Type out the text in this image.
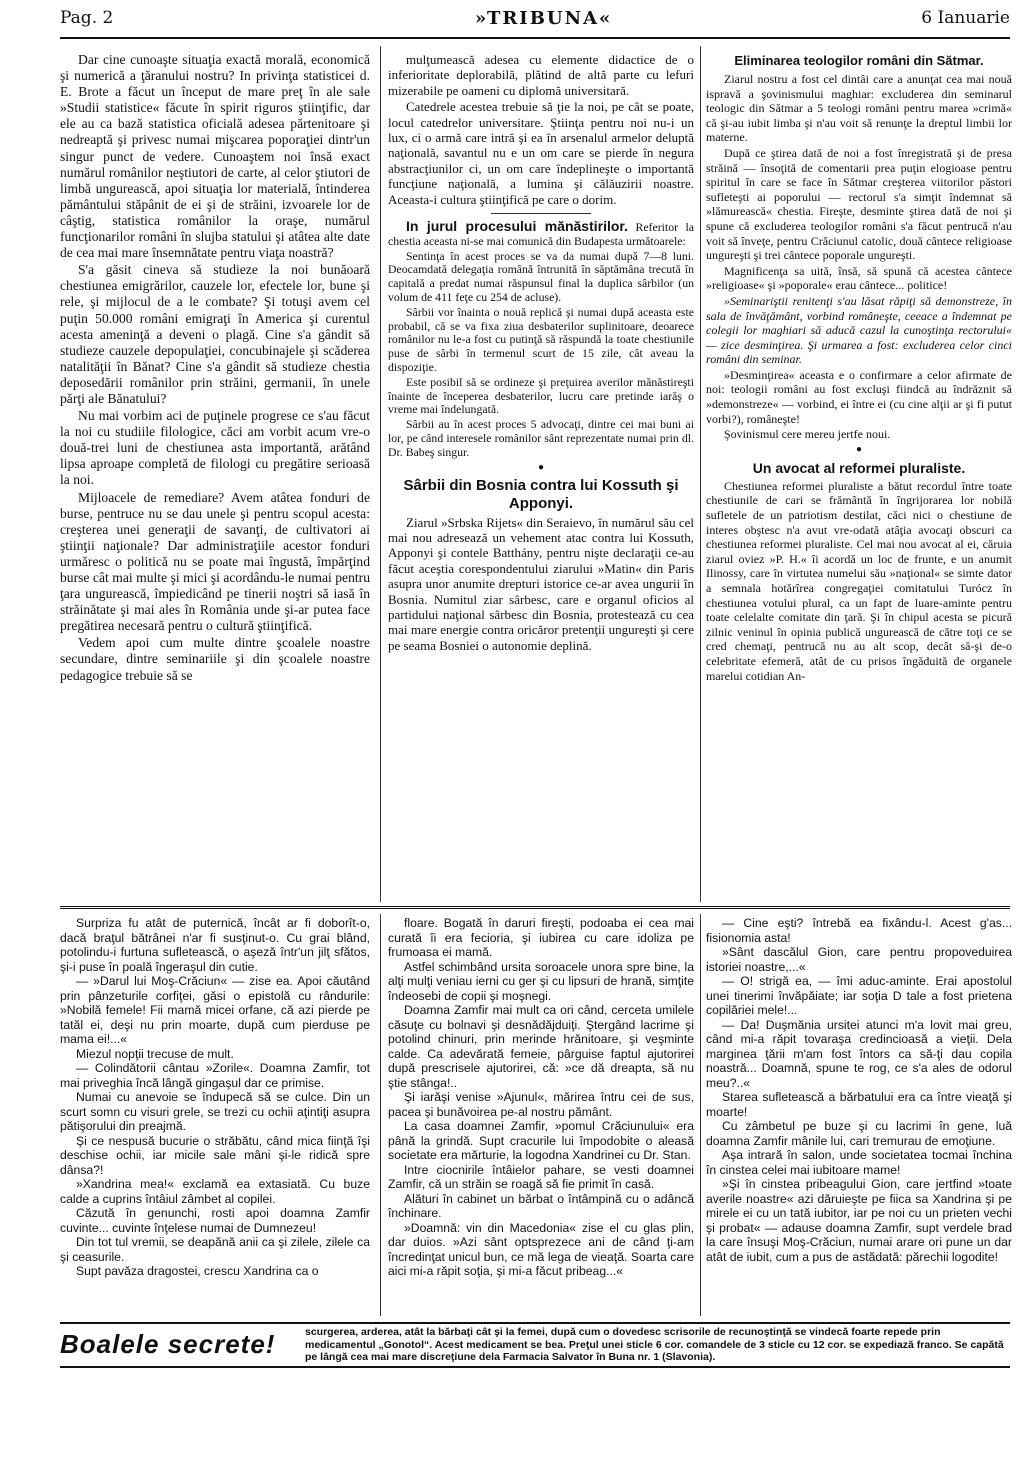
Pag. 2	»TRIBUNA«	6 Ianuarie

Dar cine cunoaşte situaţia exactă morală, economică şi numerică a ţăranului nostru? In privinţa statisticei d. E. Brote a făcut un început de mare preţ în ale sale »Studii statistice« făcute în spirit riguros ştiinţific, dar ele au ca bază statistica oficială adesea părtenitoare şi nedreaptă şi privesc numai mişcarea poporaţiei dintr'un singur punct de vedere. Cunoaştem noi însă exact numărul românilor neştiutori de carte, al celor ştiutori de limbă ungurească, apoi situaţia lor materială, întinderea pământului stăpânit de ei şi de străini, izvoarele lor de câştig, statistica românilor la oraşe, numărul funcţionarilor români în slujba statului şi atâtea alte date de cea mai mare însemnătate pentru viaţa noastră?

S'a găsit cineva să studieze la noi bunăoară chestiunea emigrărilor, cauzele lor, efectele lor, bune şi rele, şi mijlocul de a le combate? Şi totuşi avem cel puţin 50.000 români emigraţi în America şi curentul acesta ameninţă a deveni o plagă. Cine s'a gândit să studieze cauzele depopulaţiei, concubinajele şi scăderea natalităţii în Bănat? Cine s'a gândit să studieze chestia deposedării românilor prin străini, germanii, în unele părţi ale Bănatului?

Nu mai vorbim aci de puţinele progrese ce s'au făcut la noi cu studiile filologice, căci am vorbit acum vre-o două-trei luni de chestiunea asta importantă, arătând lipsa aproape completă de filologi cu pregătire serioasă la noi.

Mijloacele de remediare? Avem atâtea fonduri de burse, pentruce nu se dau unele şi pentru scopul acesta: creşterea unei generaţii de savanţi, de cultivatori ai ştiinţii naţionale? Dar administraţiile acestor fonduri urmăresc o politică nu se poate mai îngustă, împărţind burse cât mai multe şi mici şi acordându-le numai pentru ţara ungurească, împiedicând pe tinerii noştri să iasă în străinătate şi mai ales în România unde şi-ar putea face pregătirea necesară pentru o cultură ştiinţifică.

Vedem apoi cum multe dintre şcoalele noastre secundare, dintre seminariile şi din şcoalele noastre pedagogice trebuie să se

mulţumească adesea cu elemente didactice de o inferioritate deplorabilă, plătind de altă parte cu lefuri mizerabile pe oameni cu diplomă universitară.

Catedrele acestea trebuie să ţie la noi, pe cât se poate, locul catedrelor universitare. Ştiinţa pentru noi nu-i un lux, ci o armă care intră şi ea în arsenalul armelor deluptă naţională, savantul nu e un om care se pierde în negura abstracţiunilor ci, un om care îndeplineşte o importantă funcţiune naţională, a lumina şi călăuzirii noastre. Aceasta-i cultura ştiinţifică pe care o dorim.

In jurul procesului mănăstirilor. Referitor la chestia aceasta ni-se mai comunică din Budapesta următoarele:

Sentinţa în acest proces se va da numai după 7—8 luni. Deocamdată delegaţia română întrunită în săptămâna trecută în capitală a predat numai răspunsul final la duplica sârbilor (un volum de 411 feţe cu 254 de acluse).

Sârbii vor înainta o nouă replică şi numai după aceasta este probabil, că se va fixa ziua desbaterilor suplinitoare, deoarece românilor nu le-a fost cu putinţă să răspundă la toate chestiunile puse de sârbi în termenul scurt de 15 zile, cât aveau la dispoziţie.

Este posibil să se ordineze şi preţuirea averilor mănăstireşti înainte de începerea desbaterilor, lucru care pretinde iarăş o vreme mai îndelungată.

Sârbii au în acest proces 5 advocaţi, dintre cei mai buni ai lor, pe când interesele românilor sânt reprezentate numai prin dl. Dr. Babeş singur.

●
Sârbii din Bosnia contra lui Kossuth şi Apponyi.

Ziarul »Srbska Rijets« din Seraievo, în numărul său cel mai nou adresează un vehement atac contra lui Kossuth, Apponyi şi contele Batthány, pentru nişte declaraţii ce-au făcut aceştia corespondentului ziarului »Matin« din Paris asupra unor anumite drepturi istorice ce-ar avea ungurii în Bosnia. Numitul ziar sârbesc, care e organul oficios al partidului naţional sârbesc din Bosnia, protestează cu cea mai mare energie contra oricăror pretenţii ungureşti şi cere pe seama Bosniei o autonomie deplină.

Eliminarea teologilor români din Sătmar.

Ziarul nostru a fost cel dintâi care a anunţat cea mai nouă ispravă a şovinismului maghiar: excluderea din seminarul teologic din Sătmar a 5 teologi români pentru marea »crimă« că şi-au iubit limba şi n'au voit să renunţe la dreptul limbii lor materne.

După ce ştirea dată de noi a fost înregistrată şi de presa străină — însoţită de comentarii prea puţin elogioase pentru spiritul în care se face în Sătmar creşterea viitorilor păstori sufleteşti ai poporului — rectorul s'a simţit îndemnat să »lămurească« chestia. Fireşte, desminte ştirea dată de noi şi spune că excluderea teologilor români s'a făcut pentrucă n'au voit să înveţe, pentru Crăciunul catolic, două cântece religioase ungureşti şi trei cântece poporale ungureşti.

Magnificenţa sa uită, însă, să spună că acestea cântece »religioase« şi »poporale« erau cântece... politice!

»Seminariştii renitenţi s'au lăsat răpiţi să demonstreze, în sala de învăţământ, vorbind româneşte, ceeace a îndemnat pe colegii lor maghiari să aducă cazul la cunoştinţa rectorului« — zice desminţirea. Şi urmarea a fost: excluderea celor cinci români din seminar.

»Desminţirea« aceasta e o confirmare a celor afirmate de noi: teologii români au fost excluşi fiindcă au îndrăznit să »demonstreze« — vorbind, ei între ei (cu cine alţii ar şi fi putut vorbi?), româneşte!

Şovinismul cere mereu jertfe noui.

●
Un avocat al reformei pluraliste.

Chestiunea reformei pluraliste a bătut recordul între toate chestiunile de cari se frământă în îngrijorarea lor nobilă sufletele de un patriotism destilat, căci nici o chestiune de interes obştesc n'a avut vre-odată atâţia avocaţi obscuri ca chestiunea reformei pluraliste. Cel mai nou avocat al ei, căruia ziarul oviez »P. H.« îi acordă un loc de frunte, e un anumit Ilinossy, care în virtutea numelui său »naţional« se simte dator a semnala hotărîrea congregaţiei comitatului Turócz în chestiunea votului plural, ca un fapt de luare-aminte pentru toate celelalte comitate din ţară. Şi în chipul acesta se picură zilnic veninul în opinia publică ungurească de către toţi ce se cred chemaţi, pentrucă nu au alt scop, decât să-şi de-o celebritate efemeră, atât de cu prisos îngăduită de organele marelui cotidian An-

Surpriza fu atât de puternică, încât ar fi doborît-o, dacă braţul bătrânei n'ar fi susţinut-o. Cu grai blând, potolindu-i furtuna sufletească, o aşeză într'un jilţ sfătos, şi-i puse în poală îngeraşul din cutie.

— »Darul lui Moş-Crăciun« — zise ea. Apoi căutând prin pânzeturile corfiţei, găsi o epistolă cu rândurile: »Nobilă femele! Fii mamă micei orfane, că azi pierde pe tatăl ei, deşi nu prin moarte, după cum pierduse pe mama ei!...«

Miezul nopţii trecuse de mult.

— Colindătorii cântau »Zorile«. Doamna Zamfir, tot mai priveghia încă lângă gingaşul dar ce primise.

Numai cu anevoie se îndupecă să se culce. Din un scurt somn cu visuri grele, se trezi cu ochii aţintiţi asupra pătişorului din preajmă.

Şi ce nespusă bucurie o străbătu, când mica fiinţă îşi deschise ochii, iar micile sale mâni şi-le ridică spre dânsa?!

»Xandrina mea!« exclamă ea extasiată. Cu buze calde a cuprins întâiul zâmbet al copilei.

Căzută în genunchi, rosti apoi doamna Zamfir cuvinte... cuvinte înţelese numai de Dumnezeu!

Din tot tul vremii, se deapănă anii ca şi zilele, zilele ca şi ceasurile.

Supt pavăza dragostei, crescu Xandrina ca o

floare. Bogată în daruri fireşti, podoaba ei cea mai curată îi era fecioria, şi iubirea cu care idoliza pe frumoasa ei mamă.

Astfel schimbând ursita soroacele unora spre bine, la alţi mulţi veniau ierni cu ger şi cu lipsuri de hrană, simţite îndeosebi de copii şi moşnegi.

Doamna Zamfir mai mult ca ori când, cerceta umilele căsuţe cu bolnavi şi desnădăjduiţi. Ştergând lacrime şi potolind chinuri, prin merinde hrănitoare, şi veşminte calde. Ca adevărată femeie, pârguise faptul ajutorirei după prescrisele ajutorirei, că: »ce dă dreapta, să nu ştie stânga!..

Şi iarăşi venise »Ajunul«, mărirea întru cei de sus, pacea şi bunăvoirea pe-al nostru pământ.

La casa doamnei Zamfir, »pomul Crăciunului« era până la grindă. Supt cracurile lui împodobite o aleasă societate era mărturie, la logodna Xandrinei cu Dr. Stan.

Intre ciocnirile întâielor pahare, se vesti doamnei Zamfir, că un străin se roagă să fie primit în casă.

Alături în cabinet un bărbat o întâmpină cu o adâncă închinare.

»Doamnă: vin din Macedonia« zise el cu glas plin, dar duios. »Azi sânt optsprezece ani de când ţi-am încredinţat unicul bun, ce mă lega de vieaţă. Soarta care aici mi-a răpit soţia, şi mi-a făcut pribeag...«

— Cine eşti? întrebă ea fixându-l. Acest g'as... fisionomia asta!

»Sânt dascălul Gion, care pentru propoveduirea istoriei noastre,...«

— O! strigă ea, — îmi aduc-aminte. Erai apostolul unei tinerimi învăpăiate; iar soţia D tale a fost prietena copilăriei mele!...

— Da! Duşmănia ursitei atunci m'a lovit mai greu, când mi-a răpit tovaraşa credincioasă a vieţii. Dela marginea ţării m'am fost întors ca să-ţi dau copila noastră... Doamnă, spune te rog, ce s'a ales de odorul meu?..«

Starea sufletească a bărbatului era ca între vieaţă şi moarte!

Cu zâmbetul pe buze şi cu lacrimi în gene, luă doamna Zamfir mânile lui, cari tremurau de emoţiune.

Aşa intrară în salon, unde societatea tocmai închina în cinstea celei mai iubitoare mame!

»Şi în cinstea pribeagului Gion, care jertfind »toate averile noastre« azi dăruieşte pe fiica sa Xandrina şi pe mirele ei cu un tată iubitor, iar pe noi cu un prieten vechi şi probat« — adause doamna Zamfir, supt verdele brad la care însuşi Moş-Crăciun, numai arare ori pune un dar atât de iubit, cum a pus de astădată: părechii logodite!

Boalele secrete!	scurgerea, arderea, atât la bărbaţi cât şi la femei, după cum o dovedesc scrisorile de recunoştinţă se vindecă foarte repede prin medicamentul „Gonotol“. Acest medicament se bea. Preţul unei sticle 6 cor. comandele de 3 sticle cu 12 cor. se expediază franco. Se capătă pe lângă cea mai mare discreţiune dela Farmacia Salvator în Buna nr. 1 (Slavonia).
